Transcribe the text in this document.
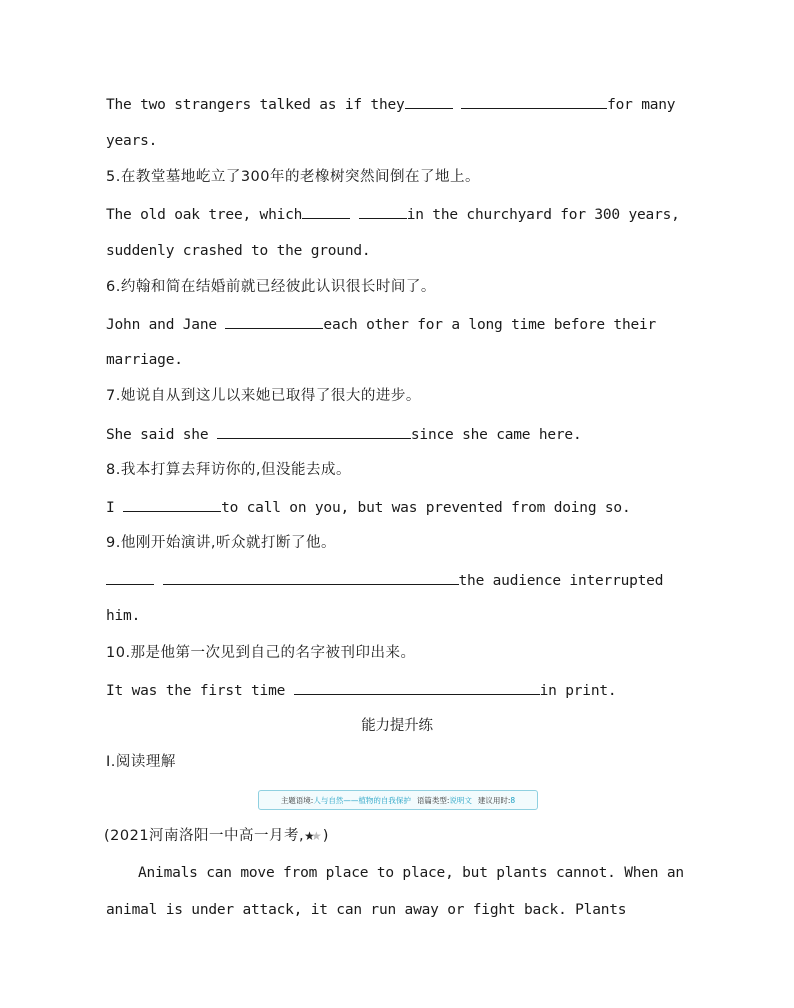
The two strangers talked as if they	for many
years.
5.在教堂墓地屹立了300年的老橡树突然间倒在了地上。
The old oak tree, which	in the churchyard for 300 years,
suddenly crashed to the ground.
6.约翰和简在结婚前就已经彼此认识很长时间了。
John and Jane	each other for a long time before their
marriage.
7.她说自从到这儿以来她已取得了很大的进步。
She said she	since she came here.
8.我本打算去拜访你的,但没能去成。
I	to call on you, but was prevented from doing so.
9.他刚开始演讲,听众就打断了他。
the audience interrupted
him.
10.那是他第一次见到自己的名字被刊印出来。
It was the first time	in print.
能力提升练
Ⅰ.阅读理解
主题语境:人与自然——植物的自我保护 语篇类型:说明文 建议用时:8
(2021河南洛阳一中高一月考,★★ )
Animals can move from place to place, but plants cannot. When an
animal is under attack, it can run away or fight back. Plants
